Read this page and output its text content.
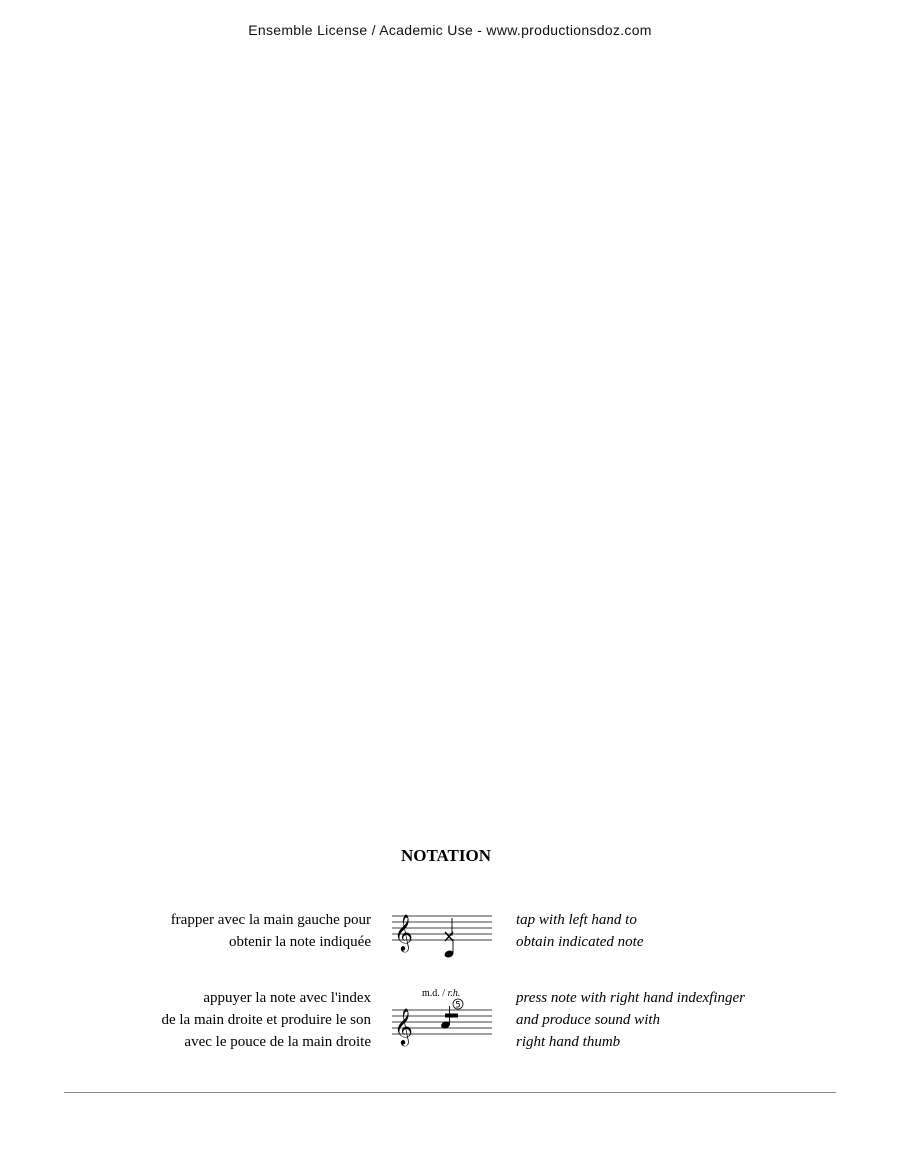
Ensemble License / Academic Use - www.productionsdoz.com
NOTATION
frapper avec la main gauche pour
obtenir la note indiquée 𝄞	tap with left hand to
obtain indicated note
appuyer la note avec l'index
de la main droite et produire le son
avec le pouce de la main droite
m.d. / r.h.
5
𝄞
press note with right hand indexfinger
and produce sound with
right hand thumb
